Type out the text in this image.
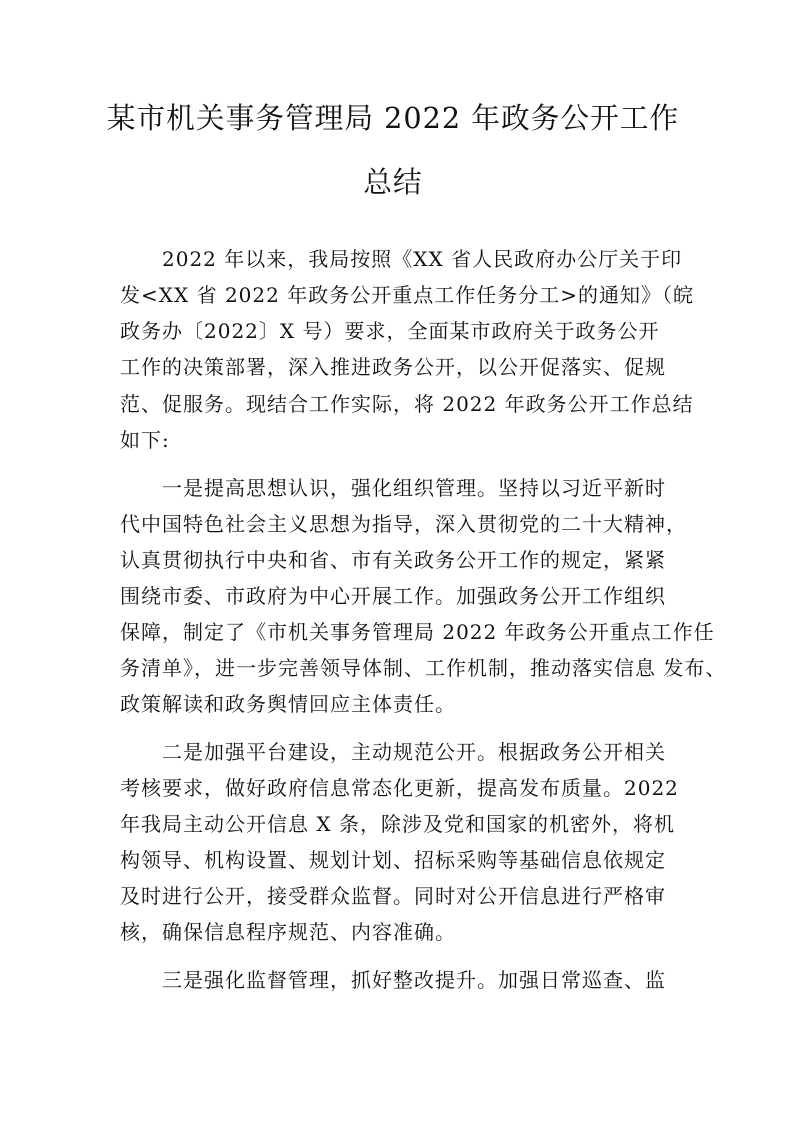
某市机关事务管理局 2022 年政务公开工作
总结
2022 年以来，我局按照《XX 省人民政府办公厅关于印
发<XX 省 2022 年政务公开重点工作任务分工>的通知》（皖
政务办〔2022〕X 号）要求，全面某市政府关于政务公开
工作的决策部署，深入推进政务公开，以公开促落实、促规
范、促服务。现结合工作实际，将 2022 年政务公开工作总结
如下:
一是提高思想认识，强化组织管理。坚持以习近平新时
代中国特色社会主义思想为指导，深入贯彻党的二十大精神，
认真贯彻执行中央和省、市有关政务公开工作的规定，紧紧
围绕市委、市政府为中心开展工作。加强政务公开工作组织
保障，制定了《市机关事务管理局 2022 年政务公开重点工作任
务清单》，进一步完善领导体制、工作机制，推动落实信息 发布、
政策解读和政务舆情回应主体责任。
二是加强平台建设，主动规范公开。根据政务公开相关
考核要求，做好政府信息常态化更新，提高发布质量。2022
年我局主动公开信息 X 条，除涉及党和国家的机密外，将机
构领导、机构设置、规划计划、招标采购等基础信息依规定
及时进行公开，接受群众监督。同时对公开信息进行严格审
核，确保信息程序规范、内容准确。
三是强化监督管理，抓好整改提升。加强日常巡查、监
